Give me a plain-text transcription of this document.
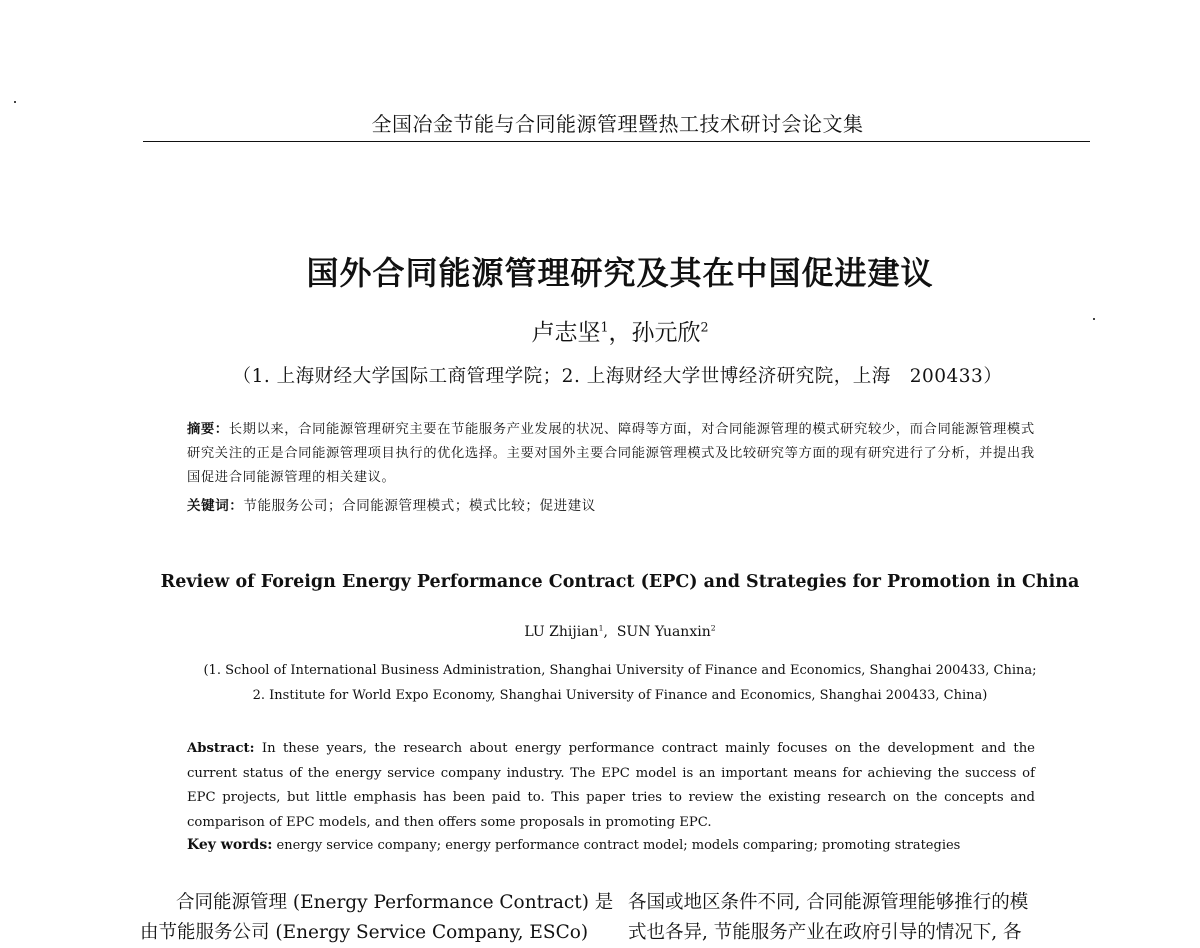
全国冶金节能与合同能源管理暨热工技术研讨会论文集
国外合同能源管理研究及其在中国促进建议
卢志坚$^1$，孙元欣$^2$
（1. 上海财经大学国际工商管理学院；2. 上海财经大学世博经济研究院，上海　200433）
摘要：长期以来，合同能源管理研究主要在节能服务产业发展的状况、障碍等方面，对合同能源管理的模式研究较少，而合同能源管理模式研究关注的正是合同能源管理项目执行的优化选择。主要对国外主要合同能源管理模式及比较研究等方面的现有研究进行了分析，并提出我国促进合同能源管理的相关建议。
关键词：节能服务公司；合同能源管理模式；模式比较；促进建议
Review of Foreign Energy Performance Contract (EPC) and Strategies for Promotion in China
LU Zhijian$^1$,  SUN Yuanxin$^2$
(1. School of International Business Administration, Shanghai University of Finance and Economics, Shanghai 200433, China;
2. Institute for World Expo Economy, Shanghai University of Finance and Economics, Shanghai 200433, China)
Abstract: In these years, the research about energy performance contract mainly focuses on the development and the current status of the energy service company industry. The EPC model is an important means for achieving the success of EPC projects, but little emphasis has been paid to. This paper tries to review the existing research on the concepts and comparison of EPC models, and then offers some proposals in promoting EPC.
Key words: energy service company; energy performance contract model; models comparing; promoting strategies
合同能源管理 (Energy Performance Contract) 是
由节能服务公司 (Energy Service Company, ESCo)
各国或地区条件不同, 合同能源管理能够推行的模
式也各异, 节能服务产业在政府引导的情况下, 各
